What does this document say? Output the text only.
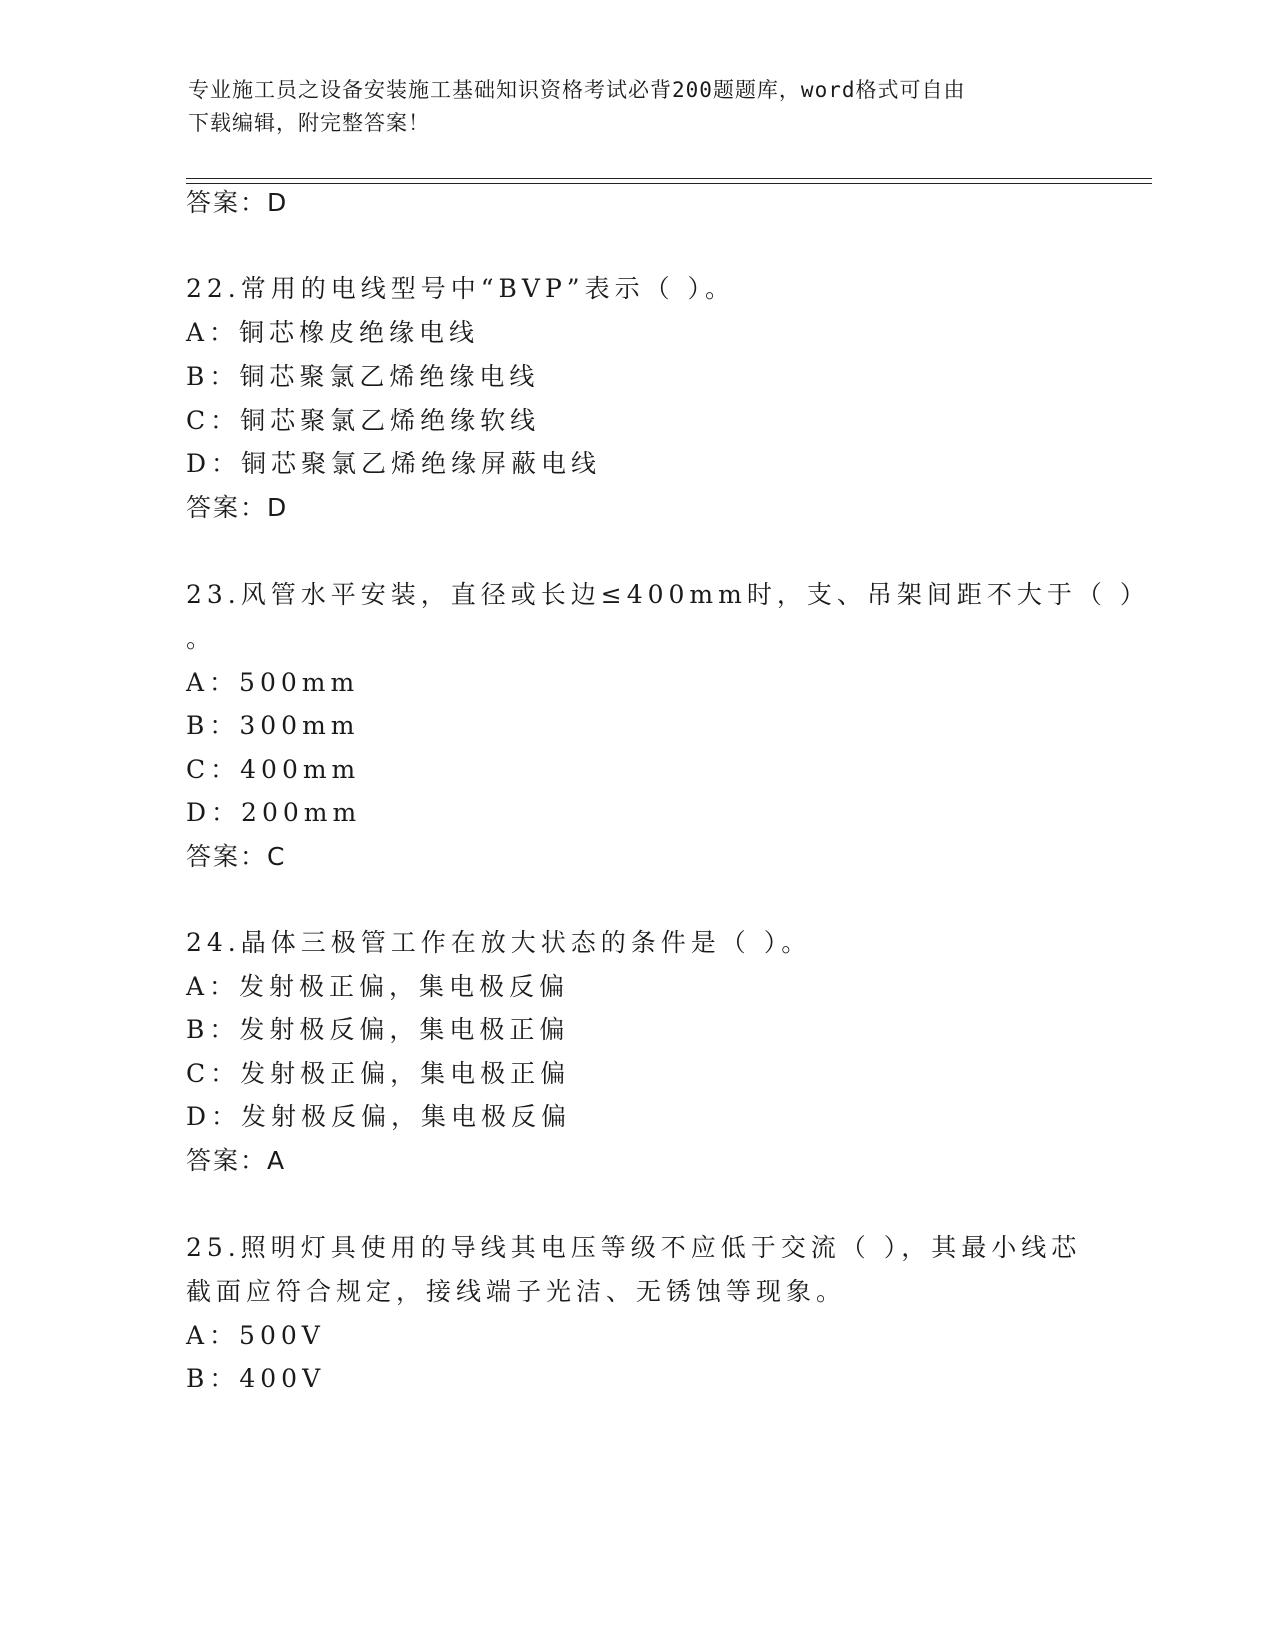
专业施工员之设备安装施工基础知识资格考试必背200题题库，word格式可自由
下载编辑，附完整答案！
答案：D
22.常用的电线型号中“BVP”表示（ ）。
A：铜芯橡皮绝缘电线
B：铜芯聚氯乙烯绝缘电线
C：铜芯聚氯乙烯绝缘软线
D：铜芯聚氯乙烯绝缘屏蔽电线
答案：D
23.风管水平安装，直径或长边≤400mm时，支、吊架间距不大于（ ）
。
A：500mm
B：300mm
C：400mm
D：200mm
答案：C
24.晶体三极管工作在放大状态的条件是（ ）。
A：发射极正偏，集电极反偏
B：发射极反偏，集电极正偏
C：发射极正偏，集电极正偏
D：发射极反偏，集电极反偏
答案：A
25.照明灯具使用的导线其电压等级不应低于交流（ ），其最小线芯
截面应符合规定，接线端子光洁、无锈蚀等现象。
A：500V
B：400V
